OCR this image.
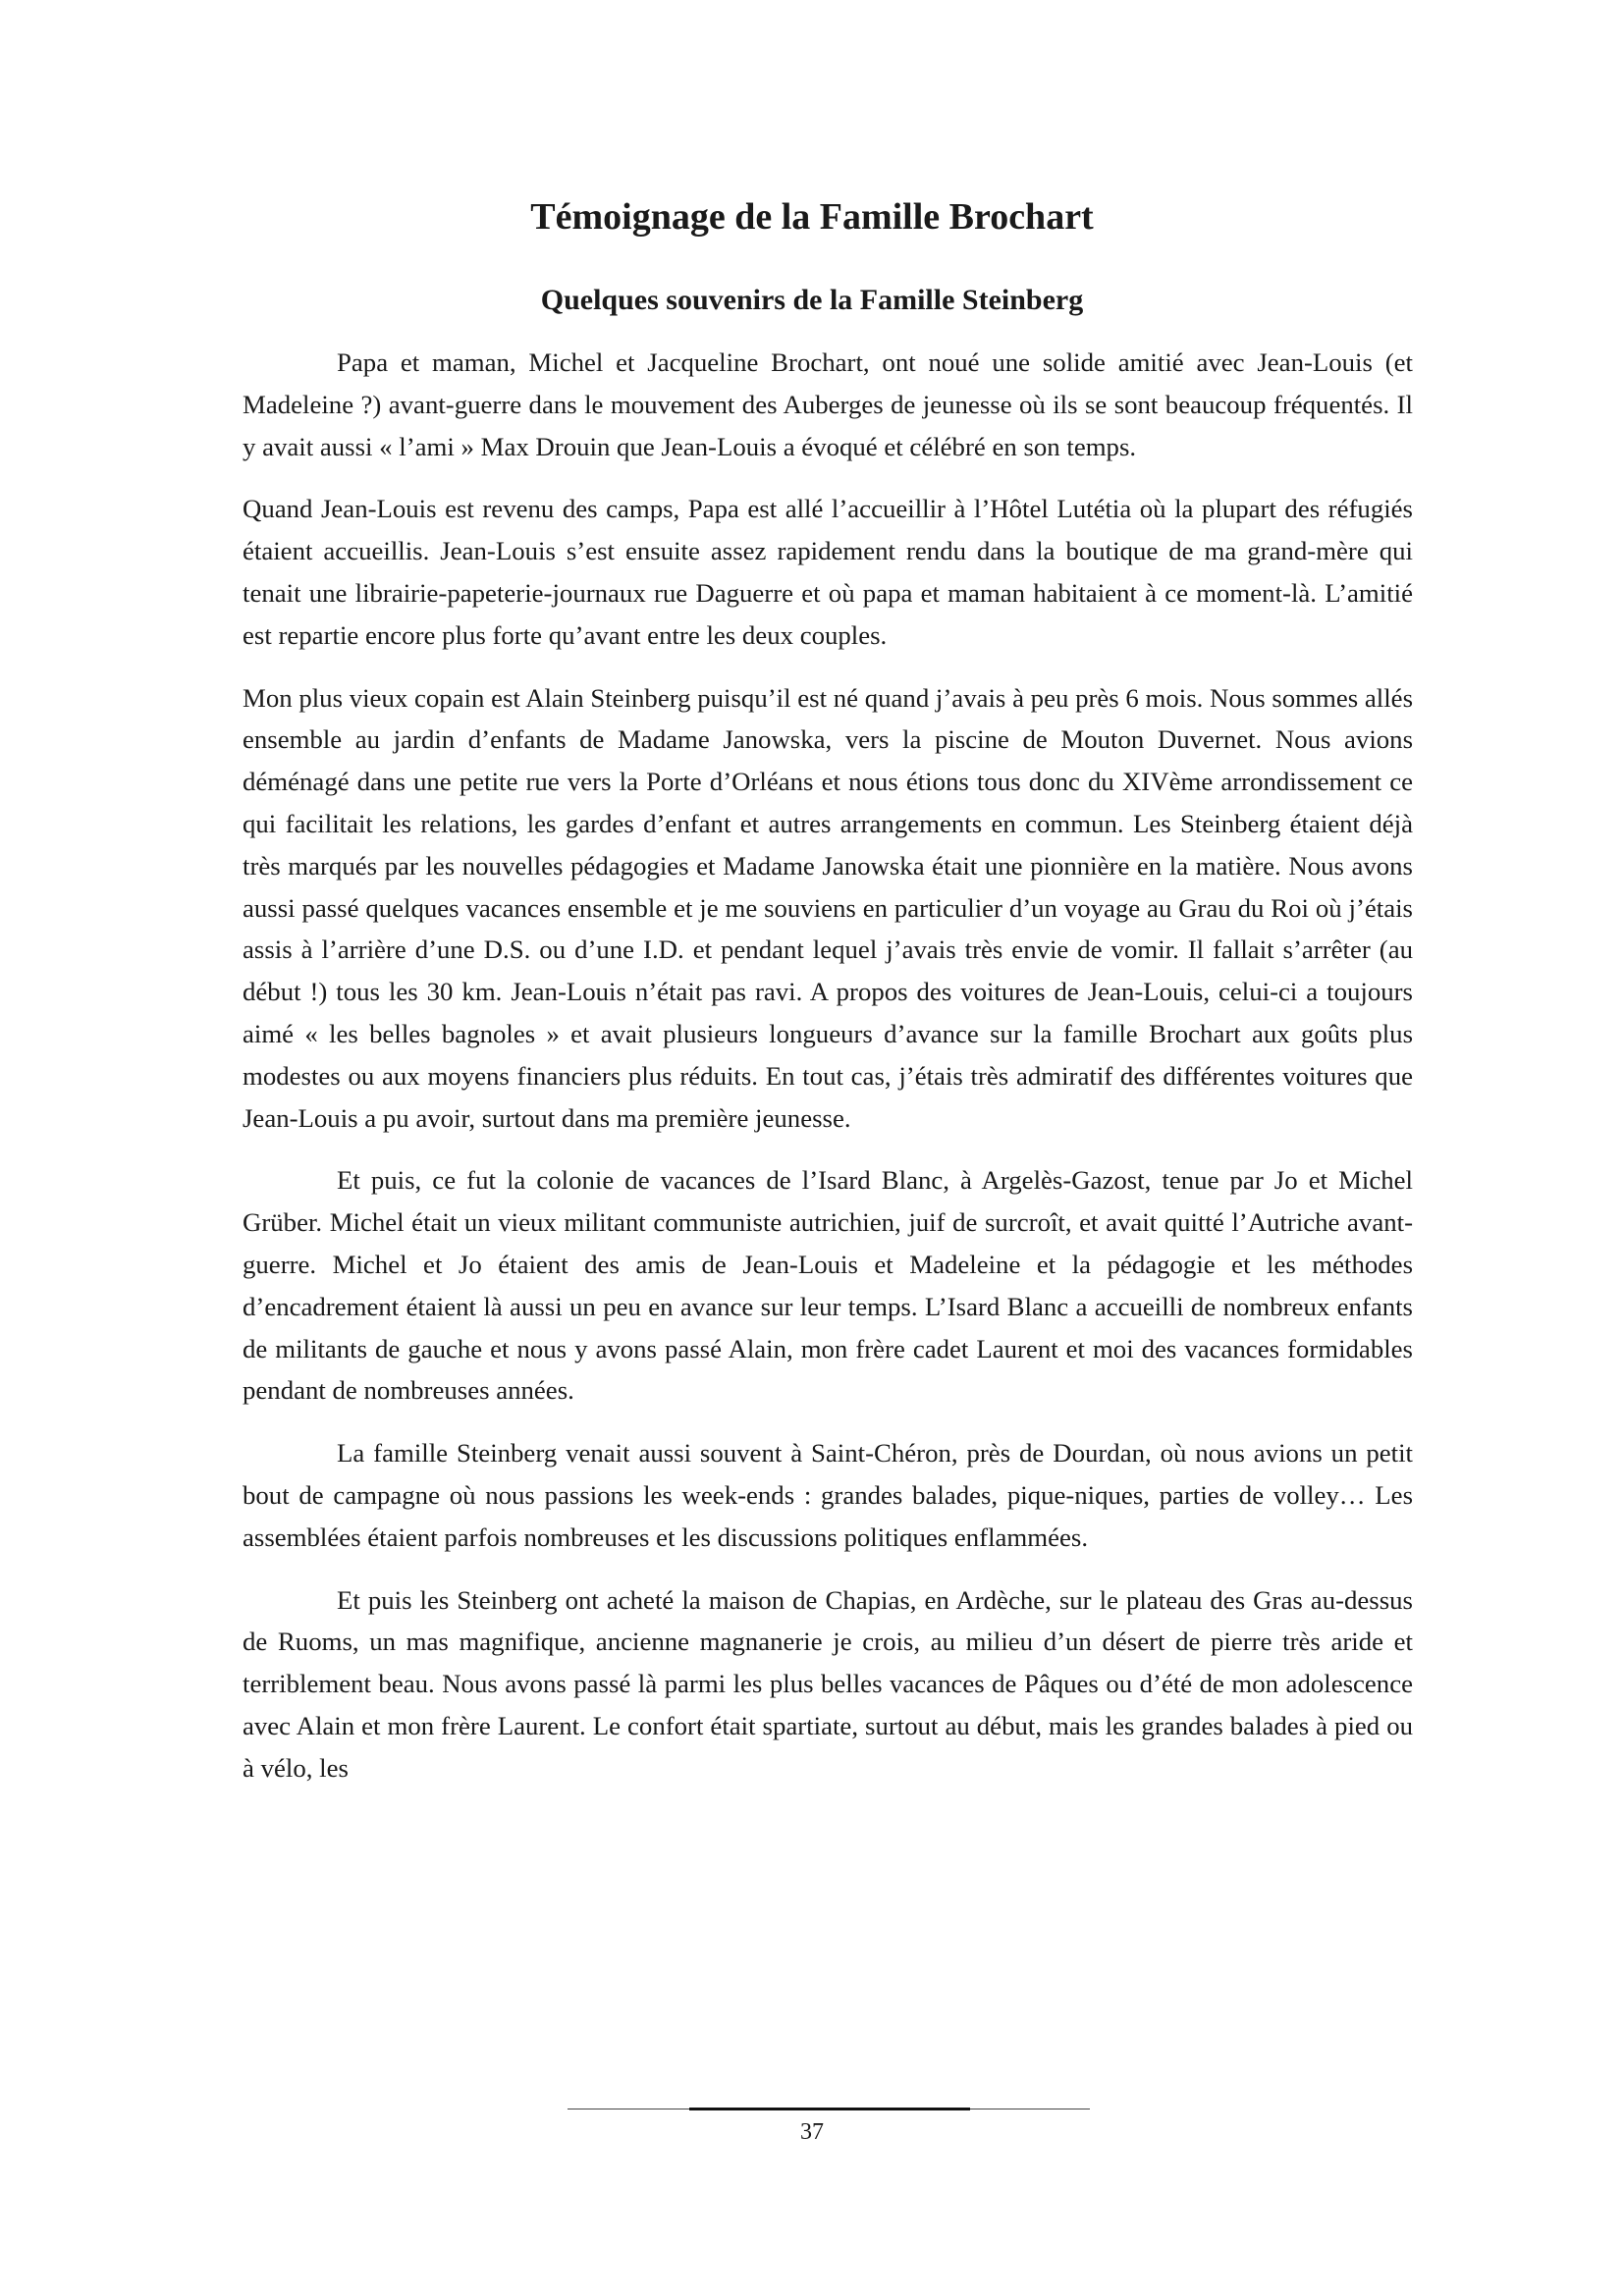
Témoignage de la Famille Brochart
Quelques souvenirs de la Famille Steinberg

Papa et maman, Michel et Jacqueline Brochart, ont noué une solide amitié avec Jean-Louis (et Madeleine ?) avant-guerre dans le mouvement des Auberges de jeunesse où ils se sont beaucoup fréquentés. Il y avait aussi « l’ami » Max Drouin que Jean-Louis a évoqué et célébré en son temps.

Quand Jean-Louis est revenu des camps, Papa est allé l’accueillir à l’Hôtel Lutétia où la plupart des réfugiés étaient accueillis. Jean-Louis s’est ensuite assez rapidement rendu dans la boutique de ma grand-mère qui tenait une librairie-papeterie-journaux rue Daguerre et où papa et maman habitaient à ce moment-là. L’amitié est repartie encore plus forte qu’avant entre les deux couples.

Mon plus vieux copain est Alain Steinberg puisqu’il est né quand j’avais à peu près 6 mois. Nous sommes allés ensemble au jardin d’enfants de Madame Janowska, vers la piscine de Mouton Duvernet. Nous avions déménagé dans une petite rue vers la Porte d’Orléans et nous étions tous donc du XIVème arrondissement ce qui facilitait les relations, les gardes d’enfant et autres arrangements en commun. Les Steinberg étaient déjà très marqués par les nouvelles pédagogies et Madame Janowska était une pionnière en la matière. Nous avons aussi passé quelques vacances ensemble et je me souviens en particulier d’un voyage au Grau du Roi où j’étais assis à l’arrière d’une D.S. ou d’une I.D. et pendant lequel j’avais très envie de vomir. Il fallait s’arrêter (au début !) tous les 30 km. Jean-Louis n’était pas ravi. A propos des voitures de Jean-Louis, celui-ci a toujours aimé « les belles bagnoles » et avait plusieurs longueurs d’avance sur la famille Brochart aux goûts plus modestes ou aux moyens financiers plus réduits. En tout cas, j’étais très admiratif des différentes voitures que Jean-Louis a pu avoir, surtout dans ma première jeunesse.

Et puis, ce fut la colonie de vacances de l’Isard Blanc, à Argelès-Gazost, tenue par Jo et Michel Grüber. Michel était un vieux militant communiste autrichien, juif de surcroît, et avait quitté l’Autriche avant-guerre. Michel et Jo étaient des amis de Jean-Louis et Madeleine et la pédagogie et les méthodes d’encadrement étaient là aussi un peu en avance sur leur temps. L’Isard Blanc a accueilli de nombreux enfants de militants de gauche et nous y avons passé Alain, mon frère cadet Laurent et moi des vacances formidables pendant de nombreuses années.

La famille Steinberg venait aussi souvent à Saint-Chéron, près de Dourdan, où nous avions un petit bout de campagne où nous passions les week-ends : grandes balades, pique-niques, parties de volley… Les assemblées étaient parfois nombreuses et les discussions politiques enflammées.

Et puis les Steinberg ont acheté la maison de Chapias, en Ardèche, sur le plateau des Gras au-dessus de Ruoms, un mas magnifique, ancienne magnanerie je crois, au milieu d’un désert de pierre très aride et terriblement beau. Nous avons passé là parmi les plus belles vacances de Pâques ou d’été de mon adolescence avec Alain et mon frère Laurent. Le confort était spartiate, surtout au début, mais les grandes balades à pied ou à vélo, les

37
